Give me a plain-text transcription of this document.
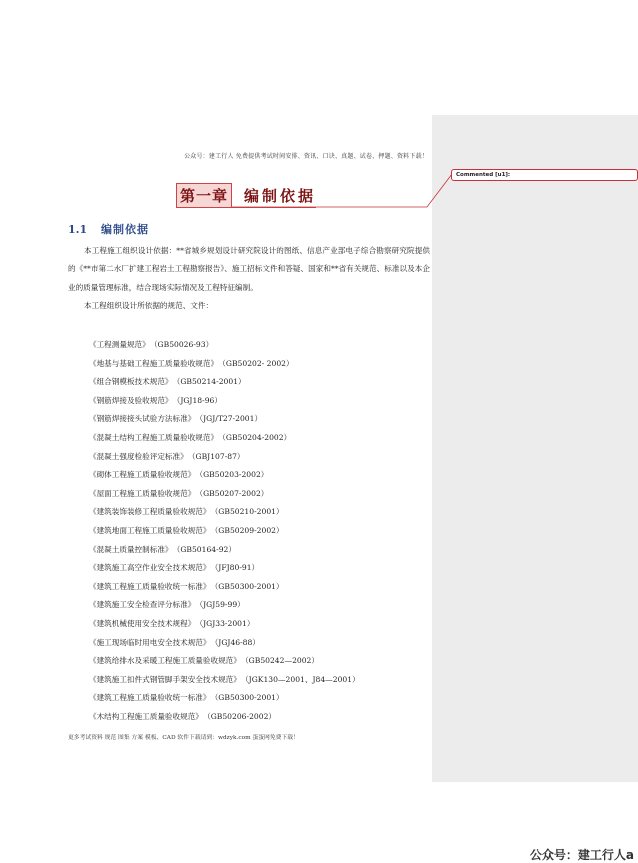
公众号：建工行人 免费提供考试时间安排、资讯、口诀、真题、试卷、押题、资料下载！
第一章 编制依据
1.1 编制依据
本工程施工组织设计依据：**省城乡规划设计研究院设计的图纸、信息产业部电子综合勘察研究院提供的《**市第二水厂扩建工程岩土工程勘察报告》、施工招标文件和答疑、国家和**省有关规范、标准以及本企业的质量管理标准，结合现场实际情况及工程特征编制。
本工程组织设计所依据的规范、文件：
《工程测量规范》 （GB50026-93）
《地基与基础工程施工质量验收规范》 （GB50202- 2002）
《组合钢模板技术规范》 （GB50214-2001）
《钢筋焊接及验收规范》 （JGJ18-96）
《钢筋焊接接头试验方法标准》 （JGJ/T27-2001）
《混凝土结构工程施工质量验收规范》 （GB50204-2002）
《混凝土强度检验评定标准》 （GBJ107-87）
《砌体工程施工质量验收规范》 （GB50203-2002）
《屋面工程施工质量验收规范》 （GB50207-2002）
《建筑装饰装修工程质量验收规范》 （GB50210-2001）
《建筑地面工程施工质量验收规范》 （GB50209-2002）
《混凝土质量控制标准》 （GB50164-92）
《建筑施工高空作业安全技术规范》 （JFJ80-91）
《建筑工程施工质量验收统一标准》 （GB50300-2001）
《建筑施工安全检查评分标准》 （JGJ59-99）
《建筑机械使用安全技术规程》 （JGJ33-2001）
《施工现场临时用电安全技术规范》 （JGJ46-88）
《建筑给排水及采暖工程施工质量验收规范》 （GB50242—2002）
《建筑施工扣件式钢管脚手架安全技术规范》 （JGK130—2001、J84—2001）
《建筑工程施工质量验收统一标准》 （GB50300-2001）
《木结构工程施工质量验收规范》 （GB50206-2002）
更多考试资料 规范 图集 方案 模板、CAD 软件下载请到：wdzyk.com 蛋蛋网免费下载！
Commented [u1]:
公众号：建工行人a
